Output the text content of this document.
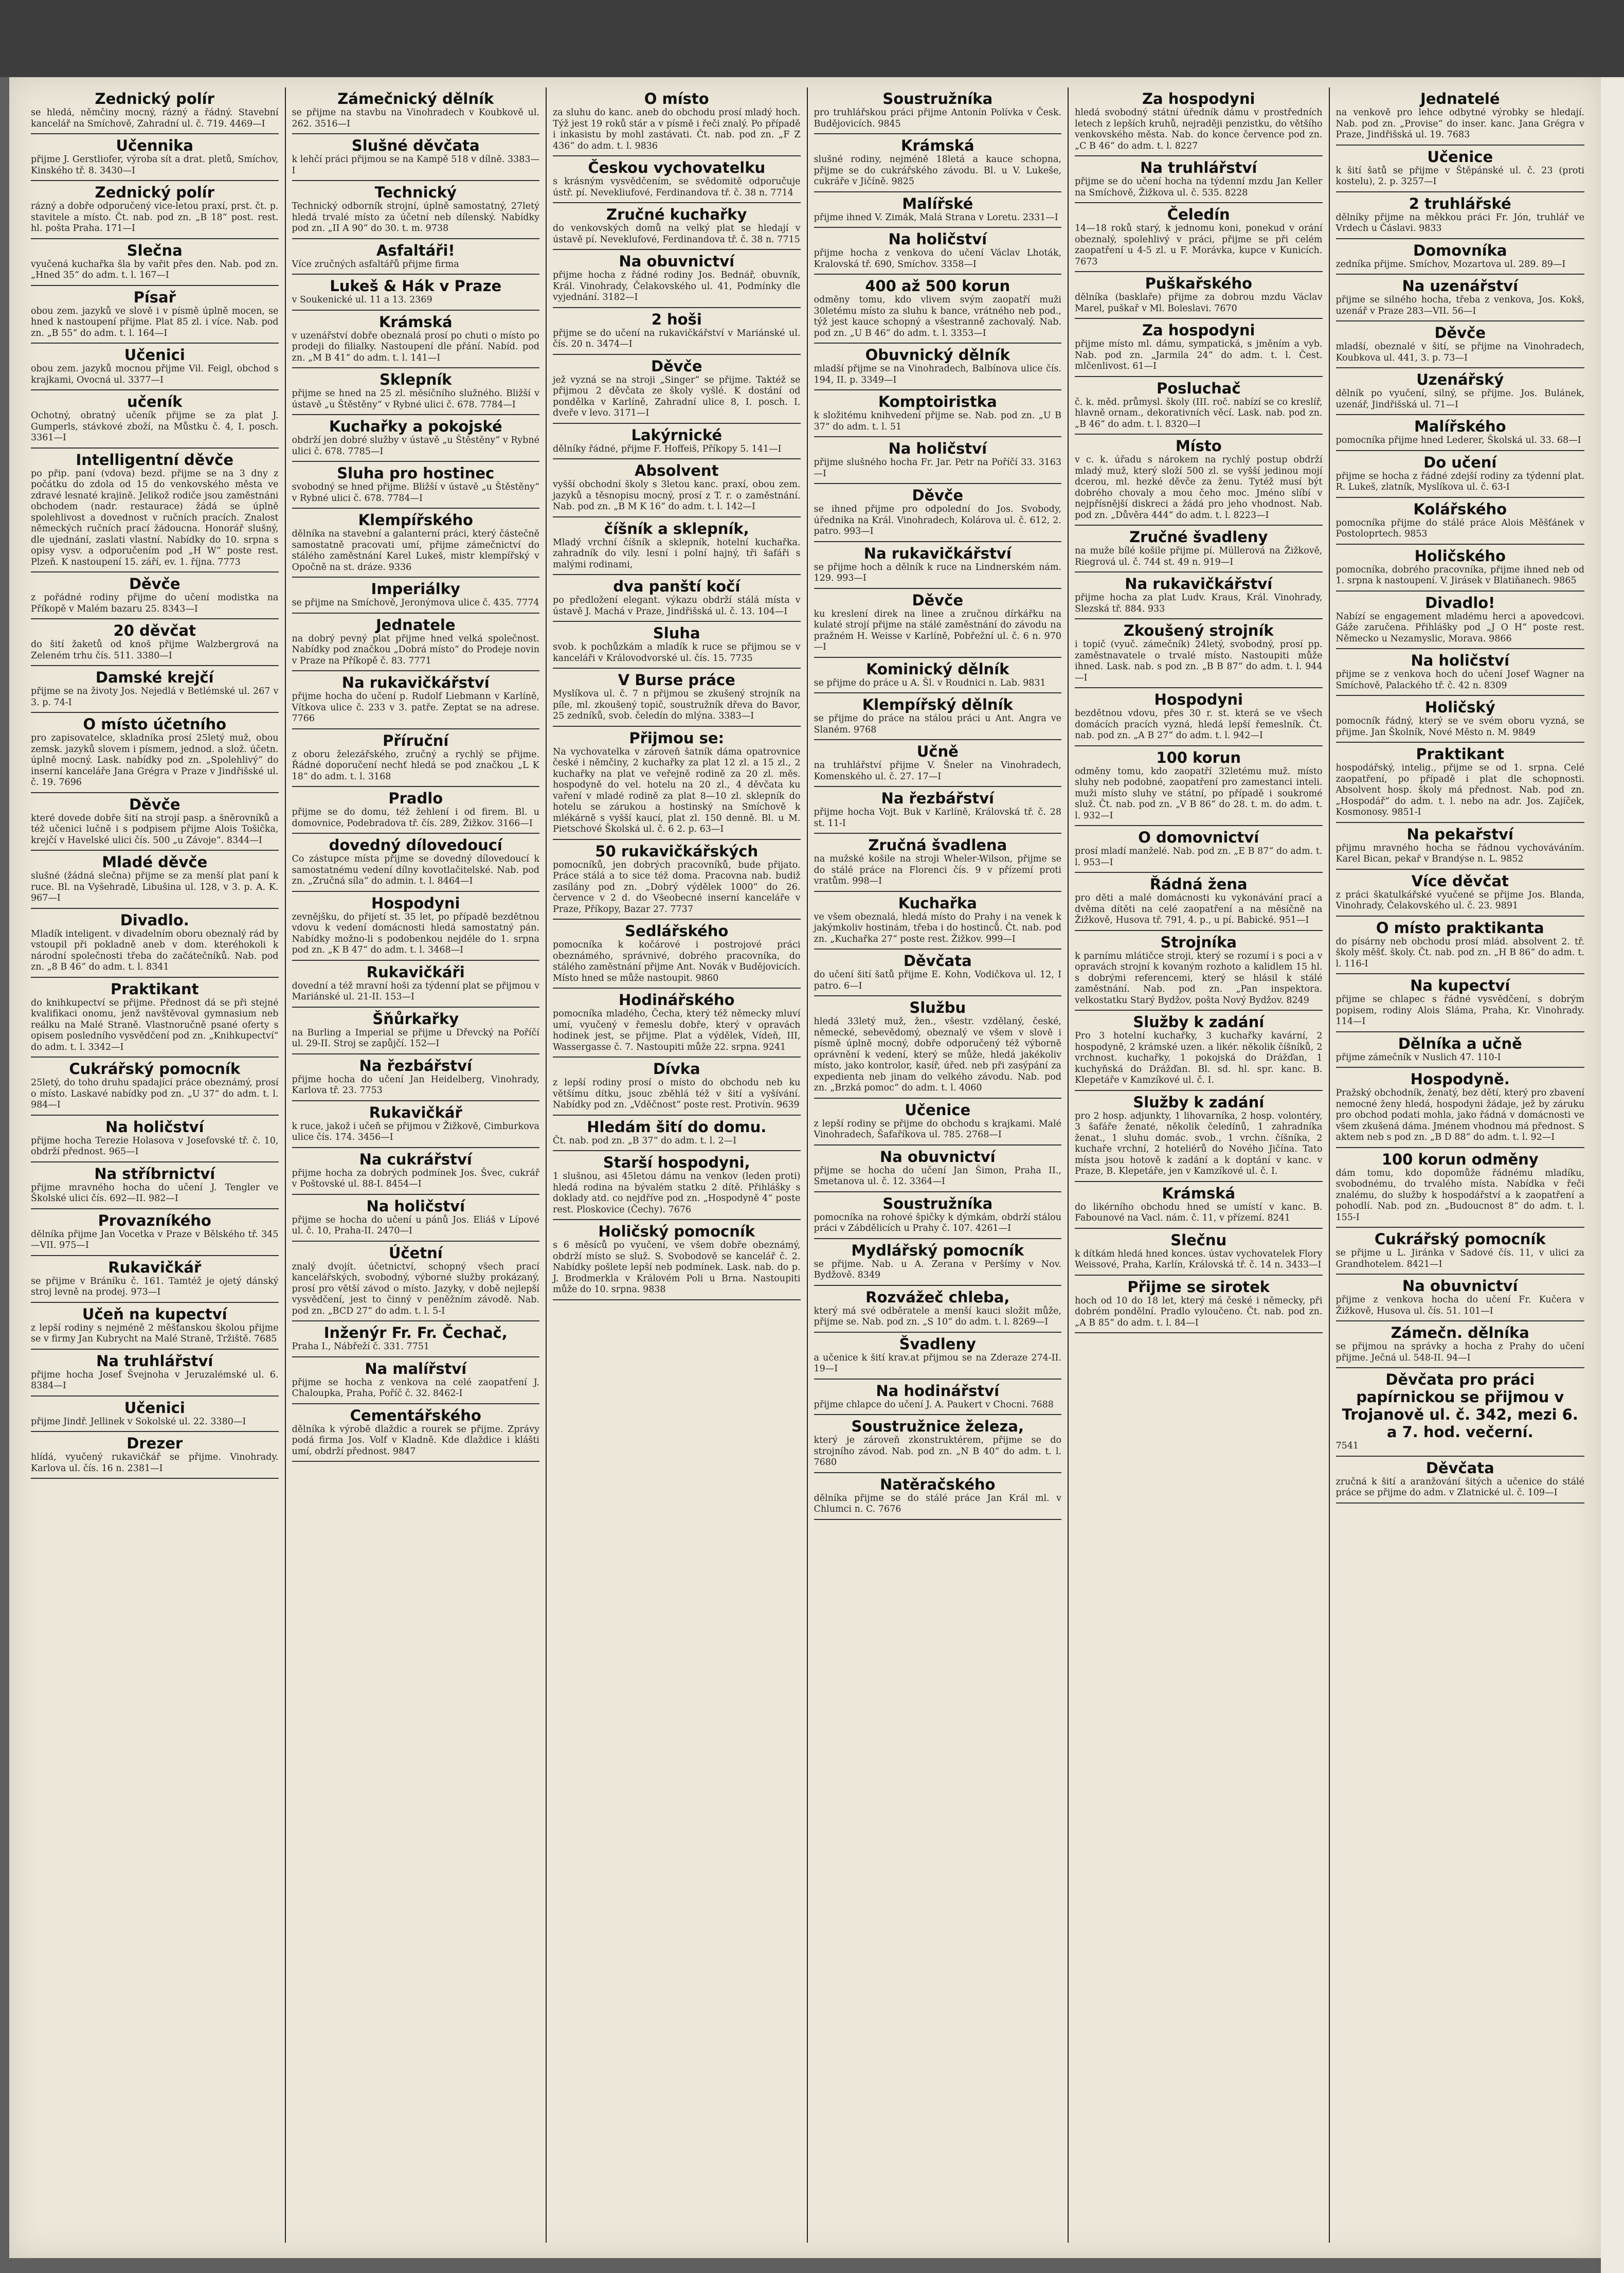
Zednický polír

se hledá, němčiny mocný, rázný a řádný. Stavební kancelář na Smíchově, Zahradní ul. č. 719. 4469—I

Učennika

přijme J. Gerstliofer, výroba sít a drat. pletů, Smíchov, Kinského tř. 8. 3430—I

Zednický polír

rázný a dobře odporučený vice-letou praxí, prst. čt. p. stavitele a místo. Čt. nab. pod zn. „B 18“ post. rest. hl. pošta Praha. 171—I

Slečna

vyučená kuchařka šla by vařit přes den. Nab. pod zn. „Hned 35“ do adm. t. l. 167—I

Písař

obou zem. jazyků ve slově i v písmě úplně mocen, se hned k nastoupení přijme. Plat 85 zl. i více. Nab. pod zn. „B 55“ do adm. t. l. 164—I

Učenici

obou zem. jazyků mocnou přijme Vil. Feigl, obchod s krajkami, Ovocná ul. 3377—I

učeník

Ochotný, obratný učeník přijme se za plat J. Gumperls, stávkové zboží, na Můstku č. 4, I. posch. 3361—I

Intelligentní děvče

po přip. paní (vdova) bezd. přijme se na 3 dny z počátku do zdola od 15 do venkovského města ve zdravé lesnaté krajině. Jelikož rodiče jsou zaměstnáni obchodem (nadr. restaurace) žádá se úplně spolehlivost a dovednost v ručních pracích. Znalost německých ručních prací žádoucna. Honorář slušný, dle ujednání, zaslati vlastní. Nabídky do 10. srpna s opisy vysv. a odporučením pod „H W“ poste rest. Plzeň. K nastoupení 15. září, ev. 1. října. 7773

Děvče

z pořádné rodiny přijme do učení modistka na Příkopě v Malém bazaru 25. 8343—I

20 děvčat

do šití žaketů od knoš přijme Walzbergrová na Zeleném trhu čís. 511. 3380—I

Damské krejčí

přijme se na životy Jos. Nejedlá v Betlémské ul. 267 v 3. p. 74-I

O místo účetního

pro zapisovatelce, skladníka prosí 25letý muž, obou zemsk. jazyků slovem i písmem, jednod. a slož. účetn. úplně mocný. Lask. nabídky pod zn. „Spolehlivý“ do inserní kanceláře Jana Grégra v Praze v Jindřišské ul. č. 19. 7696

Děvče

které dovede dobře šití na strojí pasp. a šněrovníků a též učenici lučně i s podpisem přijme Alois Tošička, krejčí v Havelské ulici čís. 500 „u Závoje“. 8344—I

Mladé děvče

slušné (žádná slečna) přijme se za menší plat paní k ruce. Bl. na Vyšehradě, Libušina ul. 128, v 3. p. A. K. 967—I

Divadlo.

Mladík inteligent. v divadelním oboru obeznalý rád by vstoupil při pokladně aneb v dom. kteréhokoli k národní společnosti třeba do začátečníků. Nab. pod zn. „8 B 46“ do adm. t. l. 8341

Praktikant

do knihkupectví se přijme. Přednost dá se při stejné kvalifikaci onomu, jenž navštěvoval gymnasium neb reálku na Malé Straně. Vlastnoručně psané oferty s opisem posledního vysvědčení pod zn. „Knihkupectví“ do adm. t. l. 3342—I

Cukrářský pomocník

25letý, do toho druhu spadající práce obeznámý, prosí o místo. Laskavé nabídky pod zn. „U 37“ do adm. t. l. 984—I

Na holičství

přijme hocha Terezie Holasova v Josefovské tř. č. 10, obdrží přednost. 965—I

Na stříbrnictví

přijme mravného hocha do učení J. Tengler ve Školské ulici čís. 692—II. 982—I

Provazníkého

dělníka přijme Jan Vocetka v Praze v Bělského tř. 345—VII. 975—I

Rukavičkář

se přijme v Bráníku č. 161. Tamtéž je ojetý dánský stroj levně na prodej. 973—I

Učeň na kupectví

z lepší rodiny s nejméně 2 měšťanskou školou přijme se v firmy Jan Kubrycht na Malé Straně, Tržiště. 7685

Na truhlářství

přijme hocha Josef Švejnoha v Jeruzalémské ul. 6. 8384—I

Učenici

přijme Jindř. Jellinek v Sokolské ul. 22. 3380—I

Drezer

hlídá, vyučený rukavičkář se přijme. Vinohrady. Karlova ul. čís. 16 n. 2381—I

Zámečnický dělník

se přijme na stavbu na Vinohradech v Koubkově ul. 262. 3516—I

Slušné děvčata

k lehčí práci přijmou se na Kampě 518 v dílně. 3383—I

Technický

Technický odborník strojní, úplně samostatný, 27letý hledá trvalé místo za účetní neb dílenský. Nabídky pod zn. „II A 90“ do 30. t. m. 9738

Asfaltáři!

Více zručných asfaltářů přijme firma

Lukeš & Hák v Praze

v Soukenické ul. 11 a 13. 2369

Krámská

v uzenářství dobře obeznalá prosí po chuti o místo po prodeji do filialky. Nastoupení dle přání. Nabíd. pod zn. „M B 41“ do adm. t. l. 141—I

Sklepník

přijme se hned na 25 zl. měsíčního služného. Bližší v ústavě „u Štěstěny“ v Rybné ulici č. 678. 7784—I

Kuchařky a pokojské

obdrží jen dobré služby v ústavě „u Štěstěny“ v Rybné ulici č. 678. 7785—I

Sluha pro hostinec

svobodný se hned přijme. Bližší v ústavě „u Štěstěny“ v Rybné ulici č. 678. 7784—I

Klempířského

dělníka na stavební a galanterní práci, který částečně samostatně pracovati umí, přijme zámečnictví do stálého zaměstnání Karel Lukeš, mistr klempířský v Opočně na st. dráze. 9336

Imperiálky

se přijme na Smíchově, Jeronýmova ulice č. 435. 7774

Jednatele

na dobrý pevný plat přijme hned velká společnost. Nabídky pod značkou „Dobrá místo“ do Prodeje novin v Praze na Příkopě č. 83. 7771

Na rukavičkářství

přijme hocha do učení p. Rudolf Liebmann v Karlíně, Vítkova ulice č. 233 v 3. patře. Zeptat se na adrese. 7766

Příruční

z oboru železářského, zručný a rychlý se přijme. Řádné doporučení nechť hledá se pod značkou „L K 18“ do adm. t. l. 3168

Pradlo

přijme se do domu, též žehlení i od firem. Bl. u domovnice, Podebradova tř. čís. 289, Žižkov. 3166—I

dovedný dílovedoucí

Co zástupce místa přijme se dovedný dílovedoucí k samostatnému vedení dílny kovotlačitelské. Nab. pod zn. „Zručná síla“ do admin. t. l. 8464—I

Hospodyni

zevnějšku, do přijetí st. 35 let, po případě bezdětnou vdovu k vedení domácnosti hledá samostatný pán. Nabídky možno-li s podobenkou nejdéle do 1. srpna pod zn. „K B 47“ do adm. t. l. 3468—I

Rukavičkáři

dovední a též mravní hoši za týdenní plat se přijmou v Mariánské ul. 21-II. 153—I

Šňůrkařky

na Burling a Imperial se přijme u Dřevcký na Poříčí ul. 29-II. Stroj se zapůjčí. 152—I

Na řezbářství

přijme hocha do učení Jan Heidelberg, Vinohrady, Karlova tř. 23. 7753

Rukavičkář

k ruce, jakož i učeň se přijmou v Žižkově, Cimburkova ulice čís. 174. 3456—I

Na cukrářství

přijme hocha za dobrých podmínek Jos. Švec, cukrář v Poštovské ul. 88-I. 8454—I

Na holičství

přijme se hocha do učení u pánů Jos. Eliáš v Lípové ul. č. 10, Praha-II. 2470—I

Účetní

znalý dvojít. účetnictví, schopný všech prací kancelářských, svobodný, výborné služby prokázaný, prosí pro větší závod o místo. Jazyky, v době nejlepší vysvědčení, jest to činný v peněžním závodě. Nab. pod zn. „BCD 27“ do adm. t. l. 5-I

Inženýr Fr. Fr. Čechač,

Praha I., Nábřeží č. 331. 7751

Na malířství

přijme se hocha z venkova na celé zaopatření J. Chaloupka, Praha, Poříč č. 32. 8462-I

Cementářského

dělníka k výrobě dlaždic a rourek se přijme. Zprávy podá firma Jos. Volf v Kladně. Kde dlaždice i klášti umí, obdrží přednost. 9847

O místo

za sluhu do kanc. aneb do obchodu prosí mladý hoch. Týž jest 19 roků stár a v písmě i řeči znalý. Po případě i inkasistu by mohl zastávati. Čt. nab. pod zn. „F Z 436“ do adm. t. l. 9836

Českou vychovatelku

s krásným vysvědčením, se svědomitě odporučuje ústř. pí. Nevekliufové, Ferdinandova tř. č. 38 n. 7714

Zručné kuchařky

do venkovských domů na velký plat se hledají v ústavě pí. Neveklufové, Ferdinandova tř. č. 38 n. 7715

Na obuvnictví

přijme hocha z řádné rodiny Jos. Bednář, obuvník, Král. Vinohrady, Čelakovského ul. 41, Podmínky dle vyjednání. 3182—I

2 hoši

přijme se do učení na rukavičkářství v Mariánské ul. čís. 20 n. 3474—I

Děvče

jež vyzná se na stroji „Singer“ se přijme. Taktéž se přijmou 2 děvčata ze školy vyšlé. K dostání od pondělka v Karlíně, Zahradní ulice 8, I. posch. I. dveře v levo. 3171—I

Lakýrnické

dělníky řádné, přijme F. Hoffeiš, Příkopy 5. 141—I

Absolvent

vyšší obchodní školy s 3letou kanc. praxí, obou zem. jazyků a těsnopisu mocný, prosí z T. r. o zaměstnání. Nab. pod zn. „B M K 16“ do adm. t. l. 142—I

číšník a sklepník,

Mladý vrchní číšník a sklepník, hotelní kuchařka. zahradník do vily. lesní i polní hajný, tři šafáři s malými rodinami,

dva panští kočí

po předložení elegant. výkazu obdrží stálá místa v ústavě J. Machá v Praze, Jindřišská ul. č. 13. 104—I

Sluha

svob. k pochůzkám a mladík k ruce se přijmou se v kanceláři v Královodvorské ul. čís. 15. 7735

V Burse práce

Myslíkova ul. č. 7 n přijmou se zkušený strojník na píle, ml. zkoušený topič, soustružník dřeva do Bavor, 25 zedníků, svob. čeledín do mlýna. 3383—I

Přijmou se:

Na vychovatelka v zároveň šatník dáma opatrovnice české i němčiny, 2 kuchařky za plat 12 zl. a 15 zl., 2 kuchařky na plat ve veřejně rodině za 20 zl. měs. hospodyně do vel. hotelu na 20 zl., 4 děvčata ku vaření v mladé rodině za plat 8—10 zl. sklepník do hotelu se zárukou a hostinský na Smíchově k mlékárně s vyšší kaucí, plat zl. 150 denně. Bl. u M. Pietschové Školská ul. č. 6 2. p. 63—I

50 rukavičkářských

pomocníků, jen dobrých pracovníků, bude přijato. Práce stálá a to sice též doma. Pracovna nab. budiž zasílány pod zn. „Dobrý výdělek 1000“ do 26. července v 2 d. do Všeobecné inserní kanceláře v Praze, Příkopy, Bazar 27. 7737

Sedlářského

pomocníka k kočárové i postrojové práci obeznámého, správnivé, dobrého pracovníka, do stálého zaměstnání přijme Ant. Novák v Budějovicích. Místo hned se může nastoupit. 9860

Hodinářského

pomocníka mladého, Čecha, který též německy mluví umí, vyučený v řemeslu dobře, který v opravách hodinek jest, se přijme. Plat a výdělek, Vídeň, III, Wassergasse č. 7. Nastoupiti může 22. srpna. 9241

Dívka

z lepší rodiny prosí o místo do obchodu neb ku většímu dítku, jsouc zběhlá též v šití a vyšívání. Nabídky pod zn. „Vděčnost“ poste rest. Protivín. 9639

Hledám šití do domu.

Čt. nab. pod zn. „B 37“ do adm. t. l. 2—I

Starší hospodyni,

1 slušnou, asi 45letou dámu na venkov (leden proti) hledá rodina na bývalém statku 2 dítě. Přihlášky s doklady atd. co nejdříve pod zn. „Hospodyně 4“ poste rest. Ploskovice (Čechy). 7676

Holičský pomocník

s 6 měsíců po vyučení, ve všem dobře obeznámý, obdrží místo se služ. S. Svobodově se kancelář č. 2. Nabídky pošlete lepší neb podmínek. Lask. nab. do p. J. Brodmerkla v Královém Poli u Brna. Nastoupiti může do 10. srpna. 9838

Soustružníka

pro truhlářskou práci přijme Antonín Polívka v Česk. Budějovicích. 9845

Krámská

slušné rodiny, nejméně 18letá a kauce schopna, přijme se do cukrářského závodu. Bl. u V. Lukeše, cukráře v Jičíně. 9825

Malířské

přijme ihned V. Zimák, Malá Strana v Loretu. 2331—I

Na holičství

přijme hocha z venkova do učení Václav Lhoták, Kralovská tř. 690, Smíchov. 3358—I

400 až 500 korun

odměny tomu, kdo vlivem svým zaopatří muži 30letému místo za sluhu k bance, vrátného neb pod., týž jest kauce schopný a všestranně zachovalý. Nab. pod zn. „U B 46“ do adm. t. l. 3353—I

Obuvnický dělník

mladší přijme se na Vinohradech, Balbínova ulice čís. 194, II. p. 3349—I

Komptoiristka

k složitému knihvedení přijme se. Nab. pod zn. „U B 37“ do adm. t. l. 51

Na holičství

přijme slušného hocha Fr. Jar. Petr na Poříčí 33. 3163—I

Děvče

se ihned přijme pro odpolední do Jos. Svobody, úřednika na Král. Vinohradech, Kolárova ul. č. 612, 2. patro. 993—I

Na rukavičkářství

se přijme hoch a dělník k ruce na Lindnerském nám. 129. 993—I

Děvče

ku kreslení direk na linee a zručnou dírkářku na kulaté strojí přijme na stálé zaměstnání do závodu na pražném H. Weisse v Karlíně, Pobřežní ul. č. 6 n. 970—I

Kominický dělník

se přijme do práce u A. Šl. v Roudnici n. Lab. 9831

Klempířský dělník

se přijme do práce na stálou práci u Ant. Angra ve Slaném. 9768

Učně

na truhlářství přijme V. Šneler na Vinohradech, Komenského ul. č. 27. 17—I

Na řezbářství

přijme hocha Vojt. Buk v Karlíně, Královská tř. č. 28 st. 11-I

Zručná švadlena

na mužské košile na stroji Wheler-Wilson, přijme se do stálé práce na Florenci čís. 9 v přízemí proti vratům. 998—I

Kuchařka

ve všem obeznalá, hledá místo do Prahy i na venek k jakýmkoliv hostinám, třeba i do hostinců. Čt. nab. pod zn. „Kuchařka 27“ poste rest. Žižkov. 999—I

Děvčata

do učení šití šatů přijme E. Kohn, Vodičkova ul. 12, I patro. 6—I

Službu

hledá 33letý muž, žen., všestr. vzdělaný, české, německé, sebevědomý, obeznalý ve všem v slově i písmě úplně mocný, dobře odporučený též výborně oprávnění k vedení, který se může, hledá jakékoliv místo, jako kontrolor, kasíř, úřed. neb při zasýpání za expedienta neb jinam do velkého závodu. Nab. pod zn. „Brzká pomoc“ do adm. t. l. 4060

Učenice

z lepší rodiny se přijme do obchodu s krajkami. Malé Vinohradech, Šafaříkova ul. 785. 2768—I

Na obuvnictví

přijme se hocha do učení Jan Šimon, Praha II., Smetanova ul. č. 12. 3364—I

Soustružníka

pomocníka na rohové špičky k dýmkám, obdrží stálou práci v Zábdělicích u Prahy č. 107. 4261—I

Mydlářský pomocník

se přijme. Nab. u A. Zerana v Peršímy v Nov. Bydžově. 8349

Rozvážeč chleba,

který má své odběratele a menší kauci složit může, přijme se. Nab. pod zn. „S 10“ do adm. t. l. 8269—I

Švadleny

a učenice k šití krav.at přijmou se na Zderaze 274-II. 19—I

Na hodinářství

přijme chlapce do učení J. A. Paukert v Chocni. 7688

Soustružnice železa,

který je zároveň zkonstruktérem, přijme se do strojního závod. Nab. pod zn. „N B 40“ do adm. t. l. 7680

Natěračského

dělníka přijme se do stálé práce Jan Král ml. v Chlumci n. C. 7676

Za hospodyni

hledá svobodný státní úředník dámu v prostředních letech z lepších kruhů, nejraději penzistku, do většího venkovského města. Nab. do konce července pod zn. „C B 46“ do adm. t. l. 8227

Na truhlářství

přijme se do učení hocha na týdenní mzdu Jan Keller na Smíchově, Žižkova ul. č. 535. 8228

Čeledín

14—18 roků starý, k jednomu koni, ponekud v orání obeznalý, spolehlivý v práci, přijme se při celém zaopatření u 4-5 zl. u F. Morávka, kupce v Kunicích. 7673

Puškařského

dělníka (basklaře) přijme za dobrou mzdu Václav Marel, puškař v Ml. Boleslavi. 7670

Za hospodyni

přijme místo ml. dámu, sympatická, s jměním a vyb. Nab. pod zn. „Jarmila 24“ do adm. t. l. Čest. mlčenlivost. 61—I

Posluchač

č. k. měd. průmysl. školy (III. roč. nabízí se co kreslíř, hlavně ornam., dekorativních věcí. Lask. nab. pod zn. „B 46“ do adm. t. l. 8320—I

Místo

v c. k. úřadu s nárokem na rychlý postup obdrží mladý muž, který složí 500 zl. se vyšší jedinou mojí dcerou, ml. hezké děvče za ženu. Tytéž musí být dobrého chovaly a mou čeho moc. Jméno slíbí v nejpřísnější diskreci a žádá pro jeho vhodnost. Nab. pod zn. „Důvěra 444“ do adm. t. l. 8223—I

Zručné švadleny

na muže bílé košile přijme pí. Müllerová na Žižkově, Riegrová ul. č. 744 st. 49 n. 919—I

Na rukavičkářství

přijme hocha za plat Ludv. Kraus, Král. Vinohrady, Slezská tř. 884. 933

Zkoušený strojník

i topič (vyuč. zámečník) 24letý, svobodný, prosí pp. zaměstnavatele o trvalé místo. Nastoupiti může ihned. Lask. nab. s pod zn. „B B 87“ do adm. t. l. 944—I

Hospodyni

bezdětnou vdovu, přes 30 r. st. která se ve všech domácích pracích vyzná, hledá lepší řemeslník. Čt. nab. pod zn. „A B 27“ do adm. t. l. 942—I

100 korun

odměny tomu, kdo zaopatří 32letému muž. místo sluhy neb podobné, zaopatření pro zamestanci inteli. muži místo sluhy ve státní, po případě i soukromé služ. Čt. nab. pod zn. „V B 86“ do 28. t. m. do adm. t. l. 932—I

O domovnictví

prosí mladí manželé. Nab. pod zn. „E B 87“ do adm. t. l. 953—I

Řádná žena

pro děti a malé domácnosti ku vykonávání prací a dvěma dítěti na celé zaopatření a na měsíčně na Žižkově, Husova tř. 791, 4. p., u pí. Babické. 951—I

Strojníka

k parnímu mlátičce stroji, který se rozumí i s poci a v opravách strojní k kovaným rozhoto a kalidlem 15 hl. s dobrými referencemi, který se hlásil k stálé zaměstnání. Nab. pod zn. „Pan inspektora. velkostatku Starý Bydžov, pošta Nový Bydžov. 8249

Služby k zadání

Pro 3 hotelní kuchařky, 3 kuchařky kavární, 2 hospodyně, 2 krámské uzen. a likér. několik číšníků, 2 vrchnost. kuchařky, 1 pokojská do Drážďan, 1 kuchyňská do Drážďan. Bl. sd. hl. spr. kanc. B. Klepetáře v Kamzíkové ul. č. I.

Služby k zadání

pro 2 hosp. adjunkty, 1 lihovarníka, 2 hosp. volontéry, 3 šafáře ženaté, několik čeledínů, 1 zahradníka ženat., 1 sluhu domác. svob., 1 vrchn. číšníka, 2 kuchaře vrchní, 2 hoteliérů do Nového Jičína. Tato místa jsou hotově k zadání a k doptání v kanc. v Praze, B. Klepetáře, jen v Kamzíkové ul. č. I.

Krámská

do likérního obchodu hned se umístí v kanc. B. Fabounové na Vacl. nám. č. 11, v přízemí. 8241

Slečnu

k dítkám hledá hned konces. ústav vychovatelek Flory Weissové, Praha, Karlín, Královská tř. č. 14 n. 3433—I

Přijme se sirotek

hoch od 10 do 18 let, který má české i německy, při dobrém pondělní. Pradlo vyloučeno. Čt. nab. pod zn. „A B 85“ do adm. t. l. 84—I

Jednatelé

na venkově pro lehce odbytné výrobky se hledají. Nab. pod zn. „Provise“ do inser. kanc. Jana Grégra v Praze, Jindřišská ul. 19. 7683

Učenice

k šití šatů se přijme v Štěpánské ul. č. 23 (proti kostelu), 2. p. 3257—I

2 truhlářské

dělníky přijme na měkkou práci Fr. Jón, truhlář ve Vrdech u Čáslavi. 9833

Domovníka

zedníka přijme. Smíchov, Mozartova ul. 289. 89—I

Na uzenářství

přijme se silného hocha, třeba z venkova, Jos. Kokš, uzenář v Praze 283—VII. 56—I

Děvče

mladší, obeznalé v šití, se přijme na Vinohradech, Koubkova ul. 441, 3. p. 73—I

Uzenářský

dělník po vyučení, silný, se přijme. Jos. Bulánek, uzenář, Jindřišská ul. 71—I

Malířského

pomocníka přijme hned Lederer, Školská ul. 33. 68—I

Do učení

přijme se hocha z řádné zdejší rodiny za týdenní plat. R. Lukeš, zlatník, Myslíkova ul. č. 63-I

Kolářského

pomocníka přijme do stálé práce Alois Měšťánek v Postoloprtech. 9853

Holičského

pomocníka, dobrého pracovníka, přijme ihned neb od 1. srpna k nastoupení. V. Jirásek v Blatiňanech. 9865

Divadlo!

Nabízí se engagement mladému herci a apovedcovi. Gáže zaručena. Přihlášky pod „J O H“ poste rest. Německo u Nezamyslic, Morava. 9866

Na holičství

přijme se z venkova hoch do učení Josef Wagner na Smíchově, Palackého tř. č. 42 n. 8309

Holičský

pomocník řádný, který se ve svém oboru vyzná, se přijme. Jan Školník, Nové Město n. M. 9849

Praktikant

hospodářský, intelig., přijme se od 1. srpna. Celé zaopatření, po případě i plat dle schopnosti. Absolvent hosp. školy má přednost. Nab. pod zn. „Hospodář“ do adm. t. l. nebo na adr. Jos. Zajíček, Kosmonosy. 9851-I

Na pekařství

přijmu mravného hocha se řádnou vychováváním. Karel Bican, pekař v Brandýse n. L. 9852

Více děvčat

z práci škatulkářské vyučené se přijme Jos. Blanda, Vinohrady, Čelakovského ul. č. 23. 9891

O místo praktikanta

do písárny neb obchodu prosí mlád. absolvent 2. tř. školy měšť. školy. Čt. nab. pod zn. „H B 86“ do adm. t. l. 116-I

Na kupectví

přijme se chlapec s řádné vysvědčení, s dobrým popisem, rodiny Alois Sláma, Praha, Kr. Vinohrady. 114—I

Dělníka a učně

přijme zámečník v Nuslich 47. 110-I

Hospodyně.

Pražský obchodník, ženatý, bez dětí, který pro zbavení nemocné ženy hledá, hospodyni žádaje, jež by záruku pro obchod podati mohla, jako řádná v domácnosti ve všem zkušená dáma. Jménem vhodnou má přednost. S aktem neb s pod zn. „B D 88“ do adm. t. l. 92—I

100 korun odměny

dám tomu, kdo dopomůže řádnému mladíku, svobodnému, do trvalého místa. Nabídka v řeči znalému, do služby k hospodářství a k zaopatření a pohodlí. Nab. pod zn. „Budoucnost 8“ do adm. t. l. 155-I

Cukrářský pomocník

se přijme u L. Jiránka v Sadové čís. 11, v ulici za Grandhotelem. 8421—I

Na obuvnictví

přijme z venkova hocha do učení Fr. Kučera v Žižkově, Husova ul. čís. 51. 101—I

Zámečn. dělníka

se přijmou na správky a hocha z Prahy do učení přijme. Ječná ul. 548-II. 94—I

Děvčata pro práci papírnickou se přijmou v Trojanově ul. č. 342, mezi 6. a 7. hod. večerní.

7541

Děvčata

zručná k šití a aranžování šitých a učenice do stálé práce se přijme do adm. v Zlatnické ul. č. 109—I
